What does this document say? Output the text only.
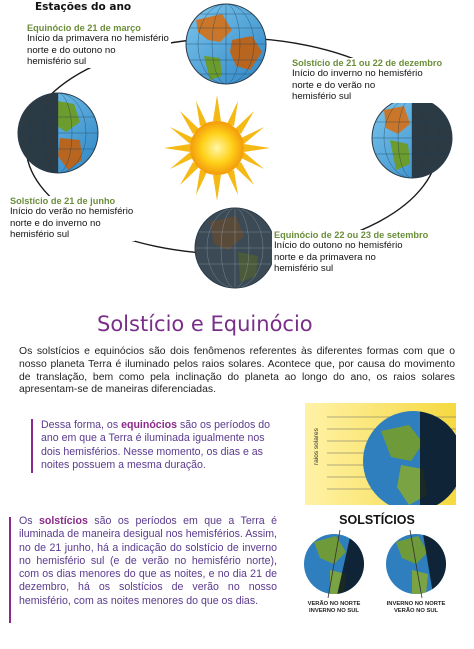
Estações do ano
Equinócio de 21 de março
Início da primavera no hemisfério
norte e do outono no
hemisfério sul	Solstício de 21 ou 22 de dezembro
Início do inverno no hemisfério
norte e do verão no
hemisfério sul
Solstício de 21 de junho
Início do verão no hemisfério
norte e do inverno no
hemisfério sul	Equinócio de 22 ou 23 de setembro
Início do outono no hemisfério
norte e da primavera no
hemisfério sul
Solstício e Equinócio

Os solstícios e equinócios são dois fenômenos referentes às diferentes formas com que o nosso planeta Terra é iluminado pelos raios solares. Acontece que, por causa do movimento de translação, bem como pela inclinação do planeta ao longo do ano, os raios solares apresentam-se de maneiras diferenciadas.

Dessa forma, os equinócios são os períodos do ano em que a Terra é iluminada igualmente nos dois hemisférios. Nesse momento, os dias e as noites possuem a mesma duração.	raios solares

Os solstícios são os períodos em que a Terra é iluminada de maneira desigual nos hemisférios. Assim, no de 21 junho, há a indicação do solstício de inverno no hemisfério sul (e de verão no hemisfério norte), com os dias menores do que as noites, e no dia 21 de dezembro, há os solstícios de verão no nosso hemisfério, com as noites menores do que os dias.

SOLSTÍCIOS
VERÃO NO NORTE
INVERNO NO SUL
INVERNO NO NORTE
VERÃO NO SUL
